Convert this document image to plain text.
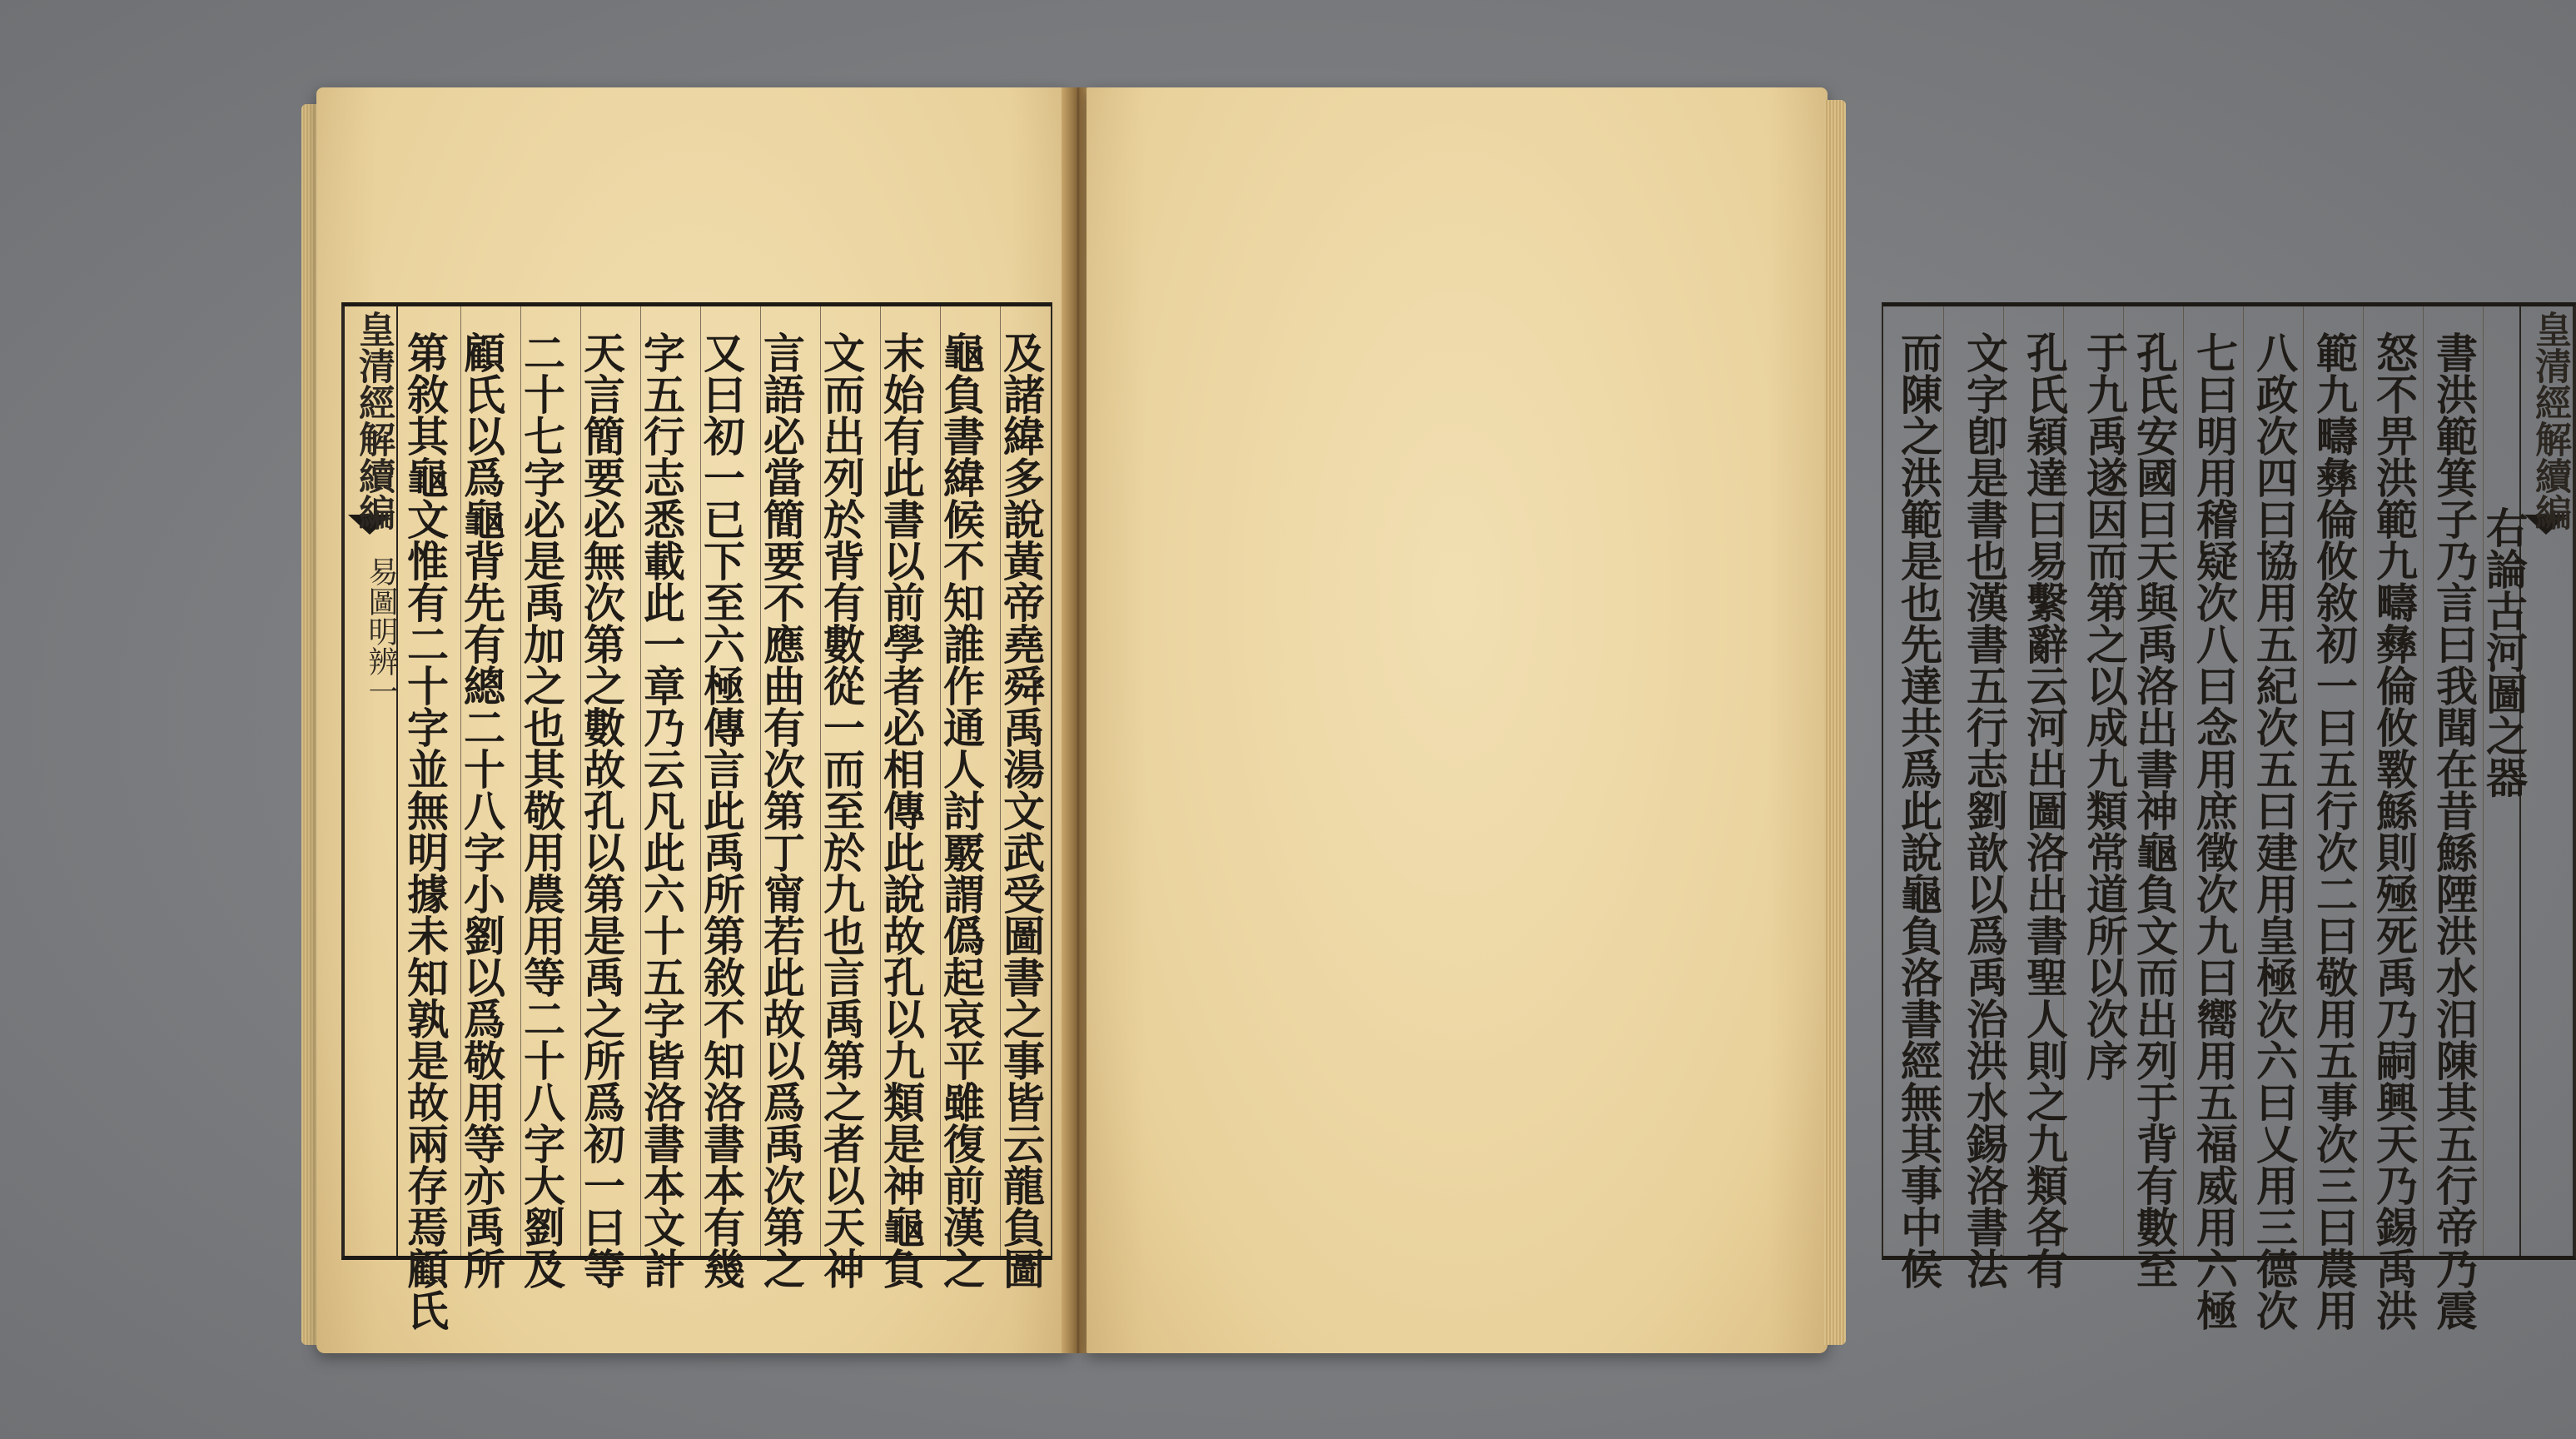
皇清經解續編
易圖明辨一	及諸緯多說黃帝堯舜禹湯文武受圖書之事皆云龍負圖
龜負書緯候不知誰作通人討覈謂僞起哀平雖復前漢之
末始有此書以前學者必相傳此說故孔以九類是神龜負
文而出列於背有數從一而至於九也言禹第之者以天神
言語必當簡要不應曲有次第丁甯若此故以爲禹次第之
又曰初一已下至六極傳言此禹所第敘不知洛書本有幾
字五行志悉載此一章乃云凡此六十五字皆洛書本文計
天言簡要必無次第之數故孔以第是禹之所爲初一曰等
二十七字必是禹加之也其敬用農用等二十八字大劉及
顧氏以爲龜背先有總二十八字小劉以爲敬用等亦禹所
第敘其龜文惟有二十字並無明據未知孰是故兩存焉顧氏	皇清經解續編
右論古河圖之器
書洪範箕子乃言曰我聞在昔鯀陻洪水汨陳其五行帝乃震
怒不畀洪範九疇彝倫攸斁鯀則殛死禹乃嗣興天乃錫禹洪
範九疇彝倫攸敘初一曰五行次二曰敬用五事次三曰農用
八政次四曰協用五紀次五曰建用皇極次六曰乂用三德次
七曰明用稽疑次八曰念用庶徵次九曰嚮用五福威用六極
孔氏安國曰天與禹洛出書神龜負文而出列于背有數至
于九禹遂因而第之以成九類常道所以次序
孔氏穎達曰易繫辭云河出圖洛出書聖人則之九類各有
文字卽是書也漢書五行志劉歆以爲禹治洪水錫洛書法
而陳之洪範是也先達共爲此說龜負洛書經無其事中候
